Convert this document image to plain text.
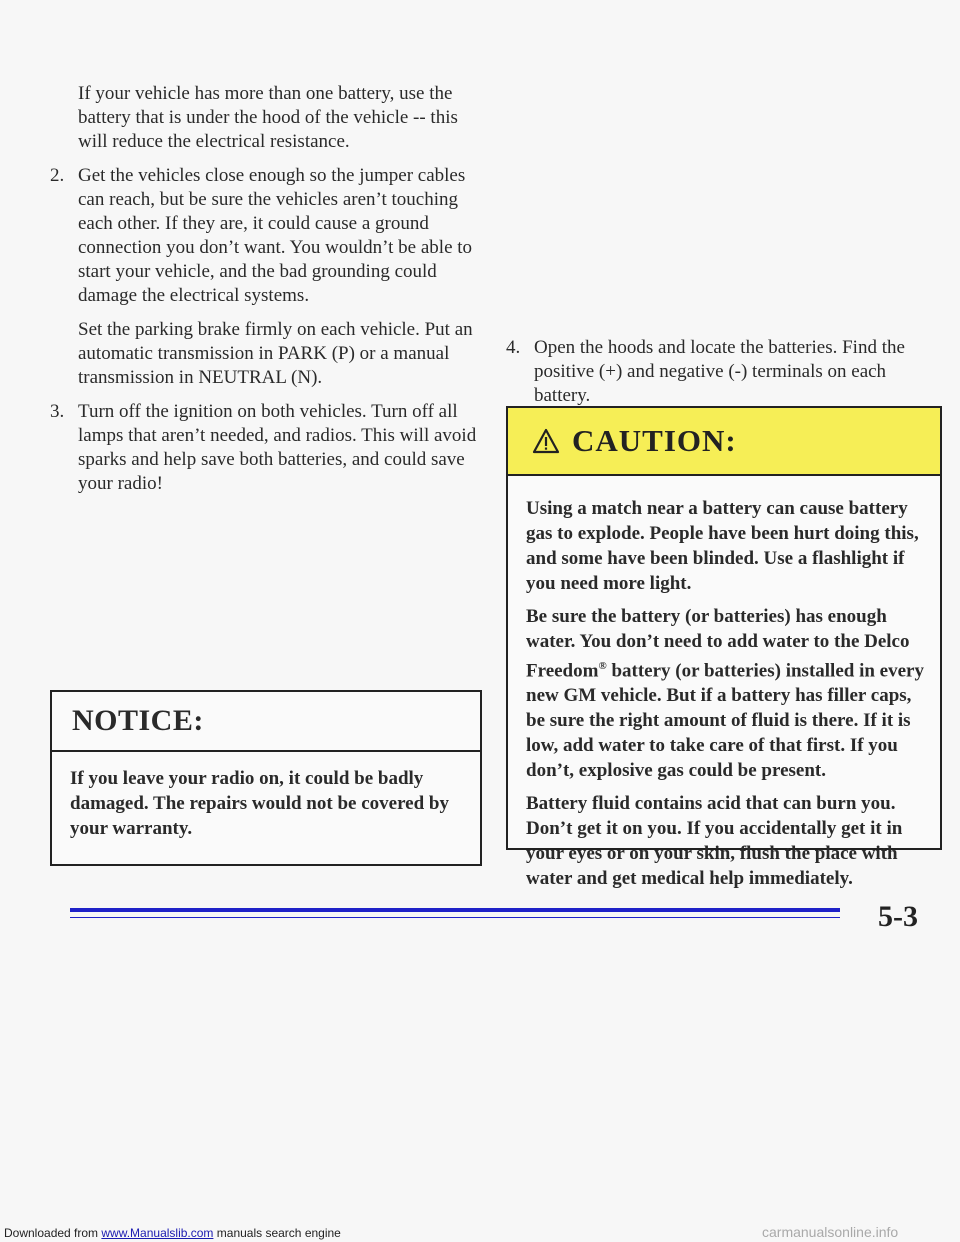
If your vehicle has more than one battery, use the battery that is under the hood of the vehicle -- this will reduce the electrical resistance.

2. Get the vehicles close enough so the jumper cables can reach, but be sure the vehicles aren’t touching each other. If they are, it could cause a ground connection you don’t want. You wouldn’t be able to start your vehicle, and the bad grounding could damage the electrical systems.

Set the parking brake firmly on each vehicle. Put an automatic transmission in PARK (P) or a manual transmission in NEUTRAL (N).

3. Turn off the ignition on both vehicles. Turn off all lamps that aren’t needed, and radios. This will avoid sparks and help save both batteries, and could save your radio!
NOTICE:
If you leave your radio on, it could be badly damaged. The repairs would not be covered by your warranty.
4. Open the hoods and locate the batteries. Find the positive (+) and negative (-) terminals on each battery.
CAUTION:

Using a match near a battery can cause battery gas to explode. People have been hurt doing this, and some have been blinded. Use a flashlight if you need more light.

Be sure the battery (or batteries) has enough water. You don’t need to add water to the Delco Freedom® battery (or batteries) installed in every new GM vehicle. But if a battery has filler caps, be sure the right amount of fluid is there. If it is low, add water to take care of that first. If you don’t, explosive gas could be present.

Battery fluid contains acid that can burn you. Don’t get it on you. If you accidentally get it in your eyes or on your skin, flush the place with water and get medical help immediately.

5-3
Downloaded from www.Manualslib.com manuals search engine	carmanualsonline.info
